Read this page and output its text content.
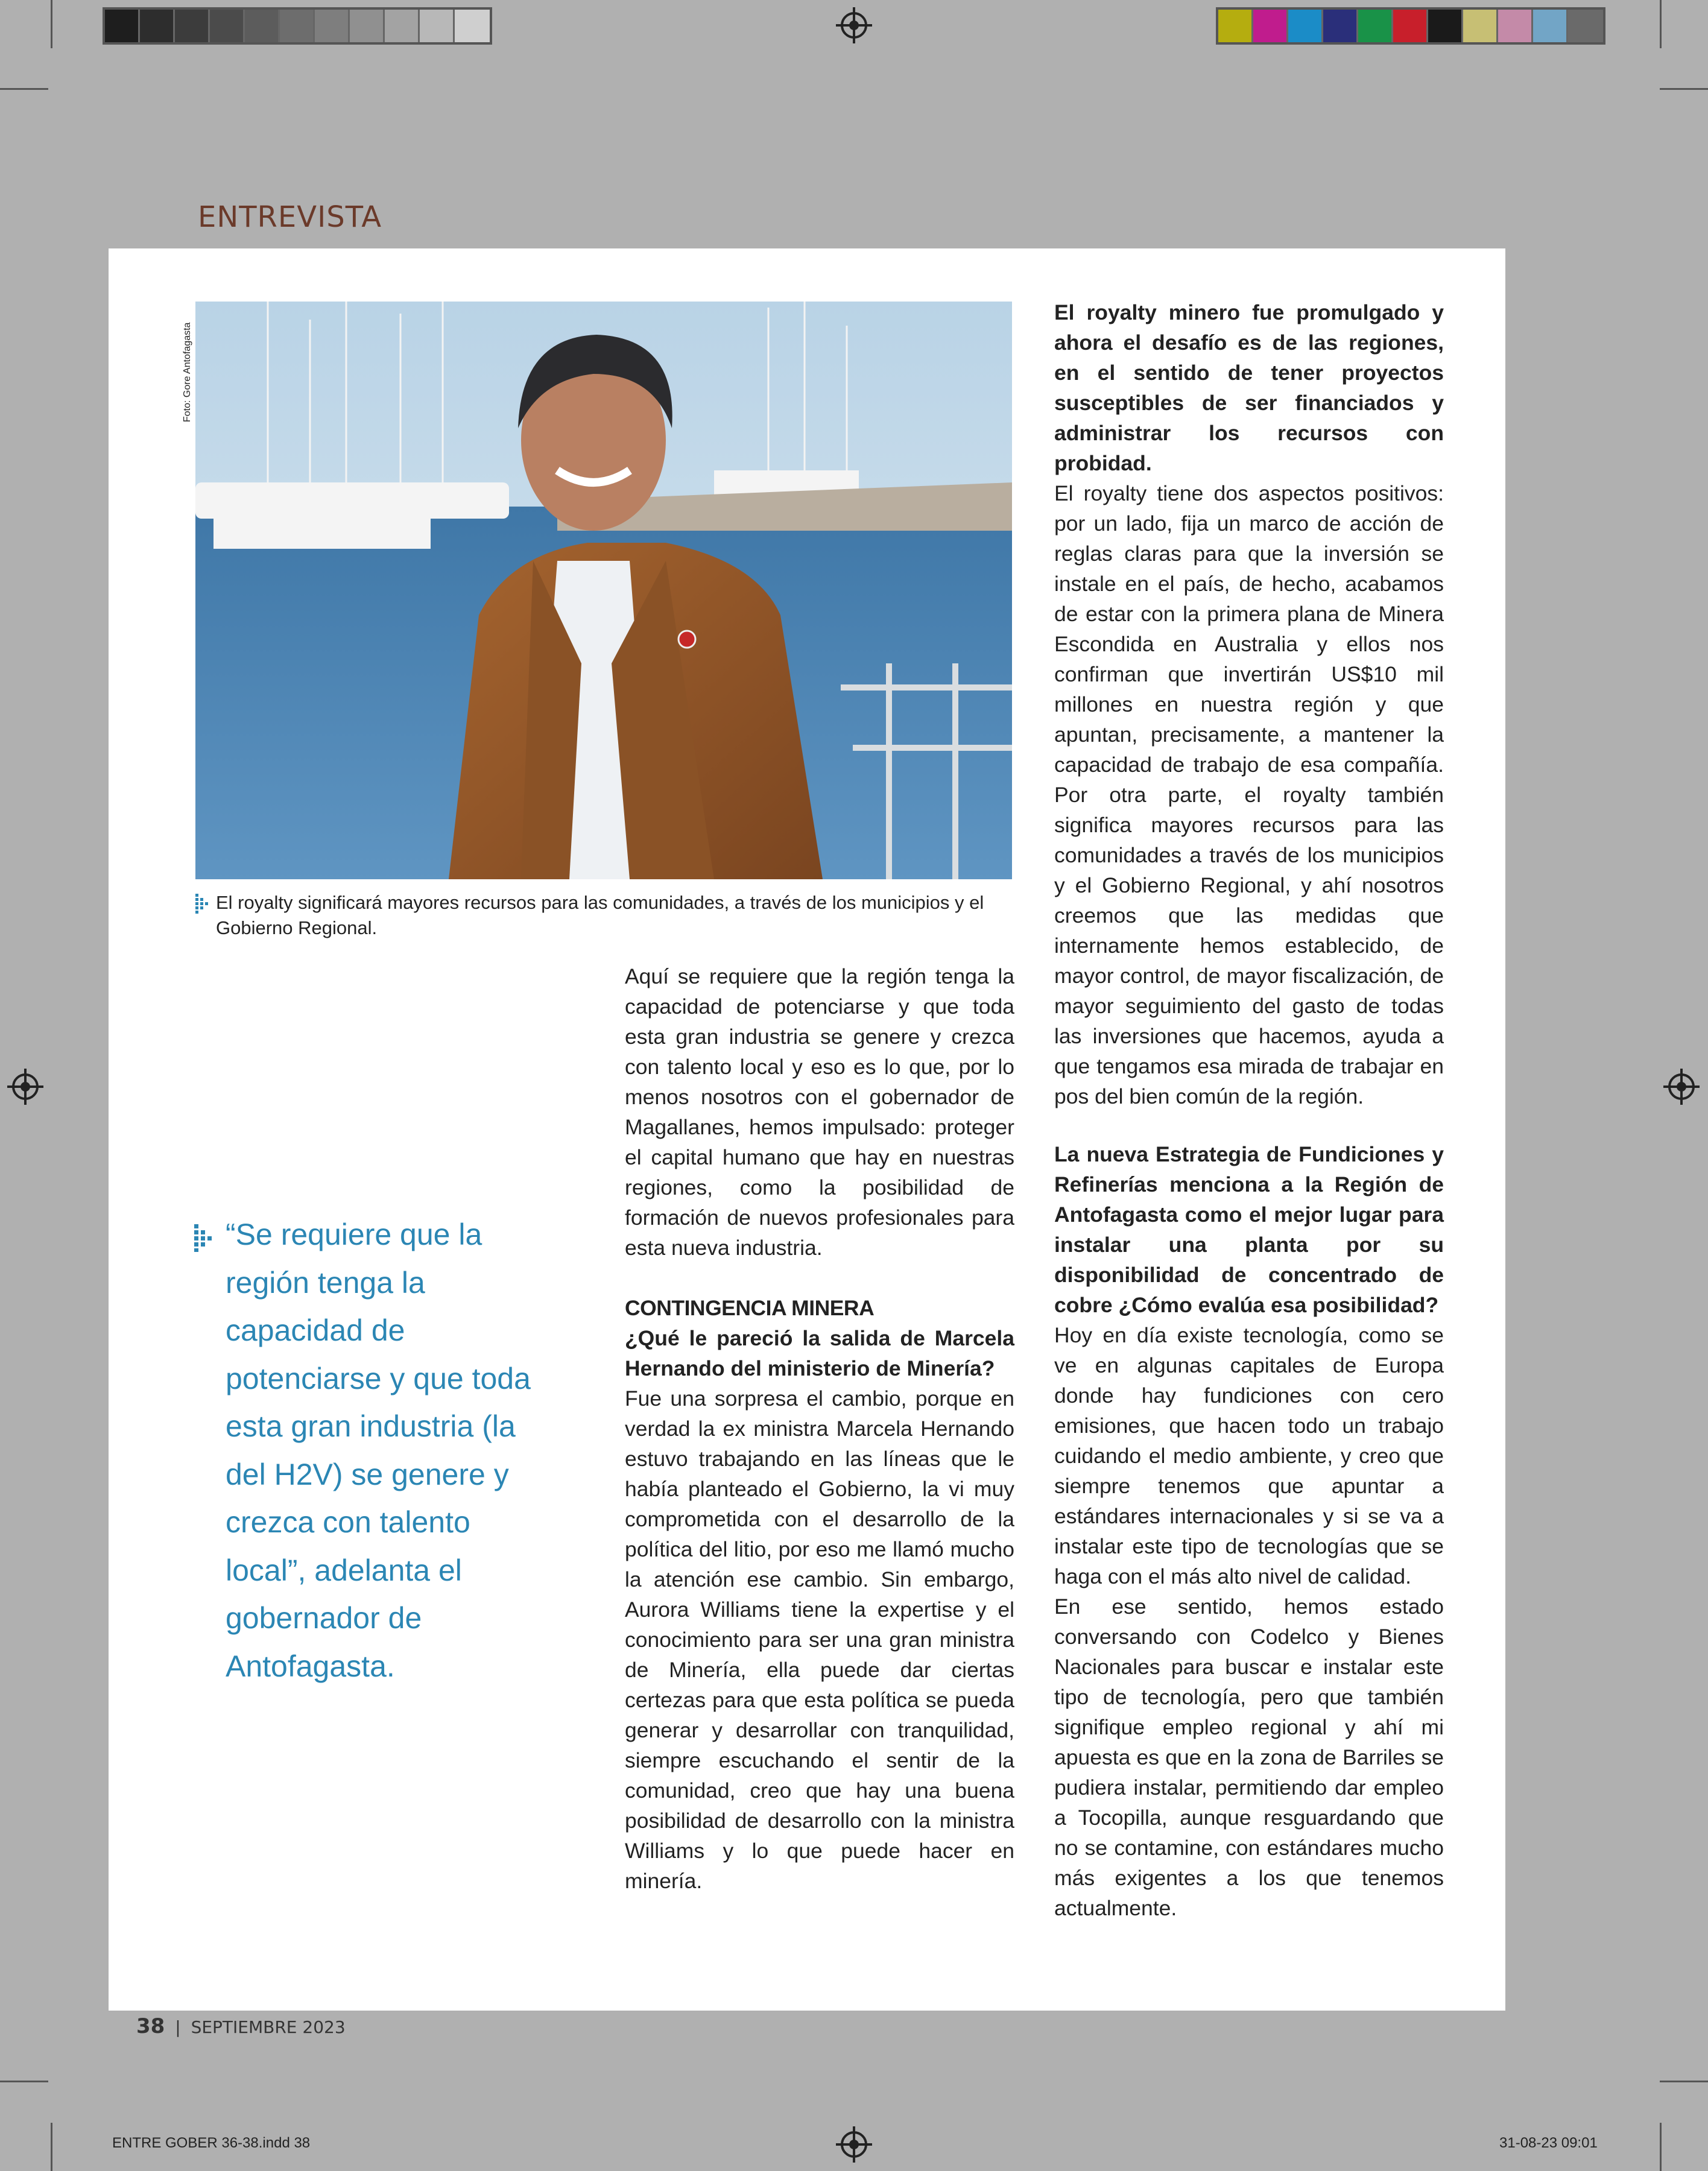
ENTREVISTA
Foto: Gore Antofagasta
El royalty significará mayores recursos para las comunidades, a través de los municipios y el Gobierno Regional.
“Se requiere que la región tenga la capacidad de potenciarse y que toda esta gran industria (la del H2V) se genere y crezca con talento local”, adelanta el gobernador de Antofagasta.

Aquí se requiere que la región tenga la capacidad de potenciarse y que toda esta gran industria se genere y crezca con talento local y eso es lo que, por lo menos nosotros con el gobernador de Magallanes, hemos impulsado: proteger el capital humano que hay en nuestras regiones, como la posibilidad de formación de nuevos profesionales para esta nueva industria.

CONTINGENCIA MINERA

¿Qué le pareció la salida de Marcela Hernando del ministerio de Minería?

Fue una sorpresa el cambio, porque en verdad la ex ministra Marcela Hernando estuvo trabajando en las líneas que le había planteado el Gobierno, la vi muy comprometida con el desarrollo de la política del litio, por eso me llamó mucho la atención ese cambio. Sin embargo, Aurora Williams tiene la expertise y el conocimiento para ser una gran ministra de Minería, ella puede dar ciertas certezas para que esta política se pueda generar y desarrollar con tranquilidad, siempre escuchando el sentir de la comunidad, creo que hay una buena posibilidad de desarrollo con la ministra Williams y lo que puede hacer en minería.

El royalty minero fue promulgado y ahora el desafío es de las regiones, en el sentido de tener proyectos susceptibles de ser financiados y administrar los recursos con probidad.

El royalty tiene dos aspectos positivos: por un lado, fija un marco de acción de reglas claras para que la inversión se instale en el país, de hecho, acabamos de estar con la primera plana de Minera Escondida en Australia y ellos nos confirman que invertirán US$10 mil millones en nuestra región y que apuntan, precisamente, a mantener la capacidad de trabajo de esa compañía. Por otra parte, el royalty también significa mayores recursos para las comunidades a través de los municipios y el Gobierno Regional, y ahí nosotros creemos que las medidas que internamente hemos establecido, de mayor control, de mayor fiscalización, de mayor seguimiento del gasto de todas las inversiones que hacemos, ayuda a que tengamos esa mirada de trabajar en pos del bien común de la región.

La nueva Estrategia de Fundiciones y Refinerías menciona a la Región de Antofagasta como el mejor lugar para instalar una planta por su disponibilidad de concentrado de cobre ¿Cómo evalúa esa posibilidad?

Hoy en día existe tecnología, como se ve en algunas capitales de Europa donde hay fundiciones con cero emisiones, que hacen todo un trabajo cuidando el medio ambiente, y creo que siempre tenemos que apuntar a estándares internacionales y si se va a instalar este tipo de tecnologías que se haga con el más alto nivel de calidad.

En ese sentido, hemos estado conversando con Codelco y Bienes Nacionales para buscar e instalar este tipo de tecnología, pero que también signifique empleo regional y ahí mi apuesta es que en la zona de Barriles se pudiera instalar, permitiendo dar empleo a Tocopilla, aunque resguardando que no se contamine, con estándares mucho más exigentes a los que tenemos actualmente.

38 | SEPTIEMBRE 2023
ENTRE GOBER 36-38.indd 38	31-08-23 09:01
